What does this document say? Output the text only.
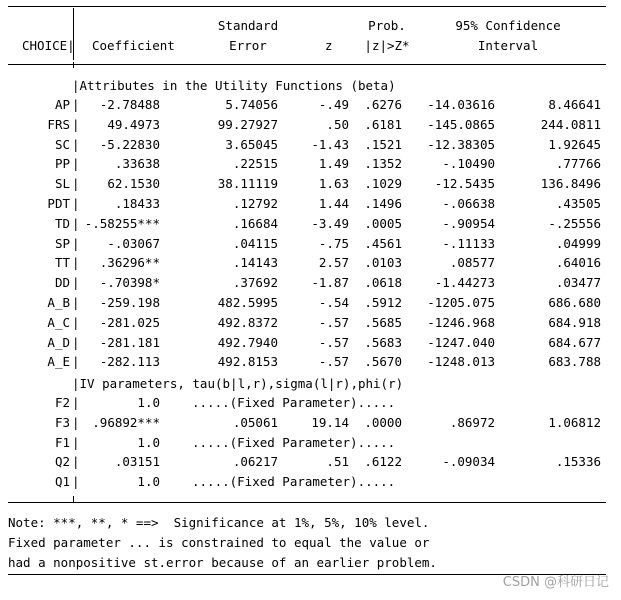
Standard	Prob.	95% Confidence
CHOICE| Coefficient	Error	z	|z|>Z*	Interval
|Attributes in the Utility Functions (beta)
AP |	-2.78488	5.74056	-.49	.6276	-14.03616	8.46641
FRS |	49.4973	99.27927	.50	.6181	-145.0865	244.0811
SC |	-5.22830	3.65045	-1.43	.1521	-12.38305	1.92645
PP |	.33638	.22515	1.49	.1352	-.10490	.77766
SL |	62.1530	38.11119	1.63	.1029	-12.5435	136.8496
PDT |	.18433	.12792	1.44	.1496	-.06638	.43505
TD | -.58255***	.16684	-3.49	.0005	-.90954	-.25556
SP |	-.03067	.04115	-.75	.4561	-.11133	.04999
TT |	.36296**	.14143	2.57	.0103	.08577	.64016
DD |	-.70398*	.37692	-1.87	.0618	-1.44273	.03477
A_B |	-259.198	482.5995	-.54	.5912	-1205.075	686.680
A_C |	-281.025	492.8372	-.57	.5685	-1246.968	684.918
A_D |	-281.181	492.7940	-.57	.5683	-1247.040	684.677
A_E |	-282.113	492.8153	-.57	.5670	-1248.013	683.788
|IV parameters, tau(b|l,r),sigma(l|r),phi(r)
F2 |	1.0	.....(Fixed Parameter).....
F3 |	.96892***	.05061	19.14	.0000	.86972	1.06812
F1 |	1.0	.....(Fixed Parameter).....
Q2 |	.03151	.06217	.51	.6122	-.09034	.15336
Q1 |	1.0	.....(Fixed Parameter).....
Note: ***, **, * ==>  Significance at 1%, 5%, 10% level.
Fixed parameter ... is constrained to equal the value or
had a nonpositive st.error because of an earlier problem.
CSDN @科研日记
